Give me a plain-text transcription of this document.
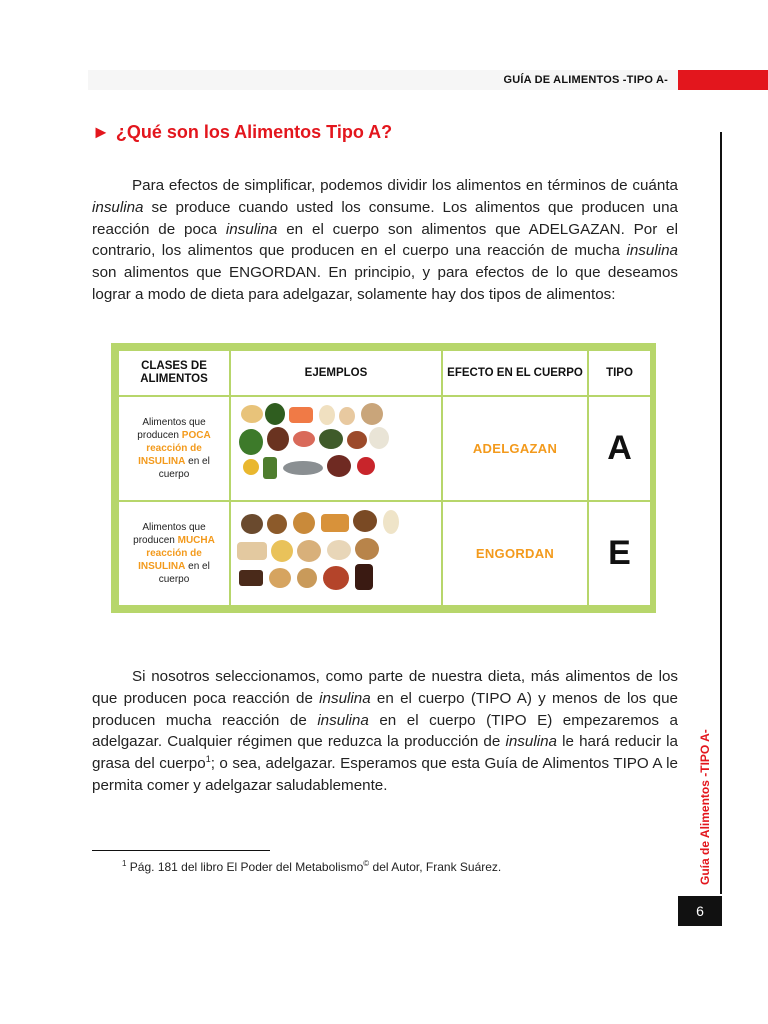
GUÍA DE ALIMENTOS -TIPO A-
Guía de Alimentos -TIPO A-
6
► ¿Qué son los Alimentos Tipo A?
Para efectos de simplificar, podemos dividir los alimentos en términos de cuánta insulina se produce cuando usted los consume. Los alimentos que producen una reacción de poca insulina en el cuerpo son alimentos que ADELGAZAN. Por el contrario, los alimentos que producen en el cuerpo una reacción de mucha insulina son alimentos que ENGORDAN. En principio, y para efectos de lo que deseamos lograr a modo de dieta para adelgazar, solamente hay dos tipos de alimentos:
CLASES DE ALIMENTOS	EJEMPLOS	EFECTO EN EL CUERPO	TIPO
Alimentos que producen POCA reacción de INSULINA en el cuerpo		ADELGAZAN	A
Alimentos que producen MUCHA reacción de INSULINA en el cuerpo		ENGORDAN	E
Si nosotros seleccionamos, como parte de nuestra dieta, más alimentos de los que producen poca reacción de insulina en el cuerpo (TIPO A) y menos de los que producen mucha reacción de insulina en el cuerpo (TIPO E) empezaremos a adelgazar. Cualquier régimen que reduzca la producción de insulina le hará reducir la grasa del cuerpo$^1$; o sea, adelgazar. Esperamos que esta Guía de Alimentos TIPO A le permita comer y adelgazar saludablemente.
$^1$ Pág. 181 del libro El Poder del Metabolismo© del Autor, Frank Suárez.
